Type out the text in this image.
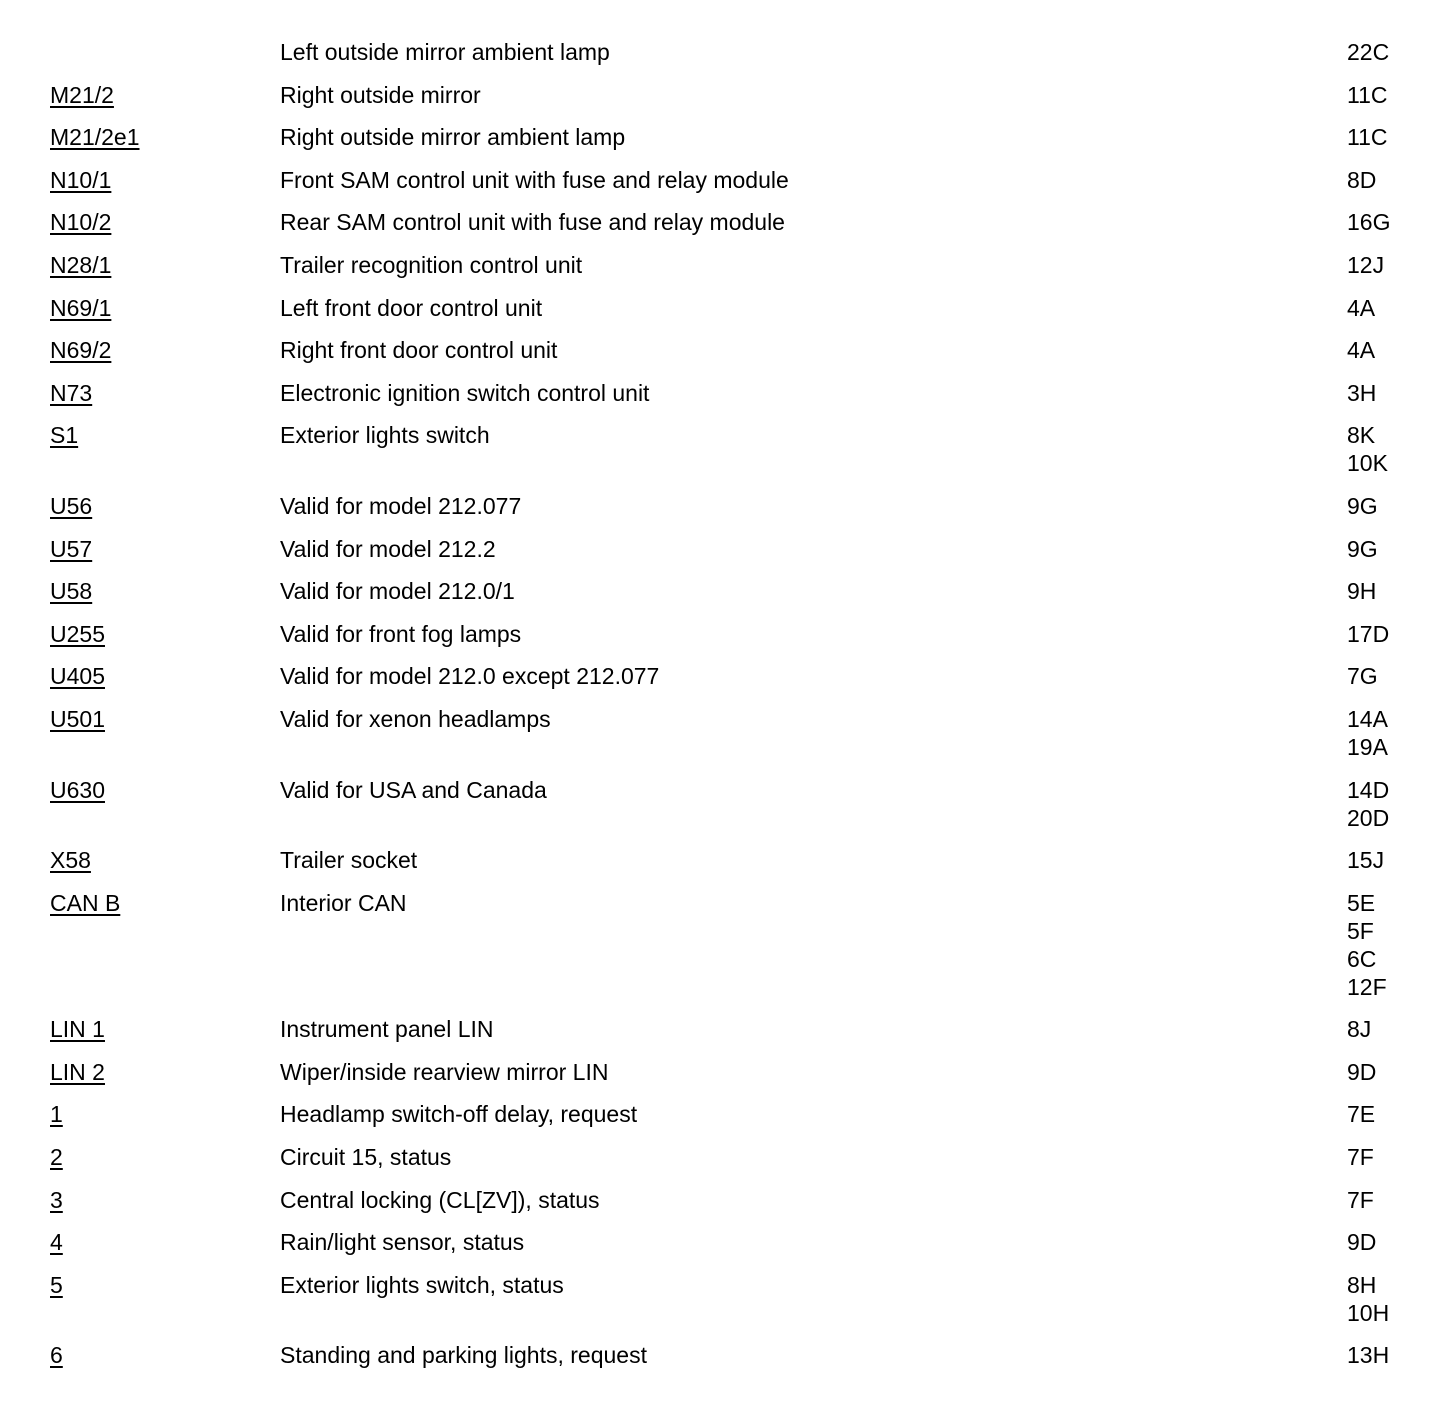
Left outside mirror ambient lamp	22C
M21/2	Right outside mirror	11C
M21/2e1	Right outside mirror ambient lamp	11C
N10/1	Front SAM control unit with fuse and relay module	8D
N10/2	Rear SAM control unit with fuse and relay module	16G
N28/1	Trailer recognition control unit	12J
N69/1	Left front door control unit	4A
N69/2	Right front door control unit	4A
N73	Electronic ignition switch control unit	3H
S1	Exterior lights switch	8K
10K
U56	Valid for model 212.077	9G
U57	Valid for model 212.2	9G
U58	Valid for model 212.0/1	9H
U255	Valid for front fog lamps	17D
U405	Valid for model 212.0 except 212.077	7G
U501	Valid for xenon headlamps	14A
19A
U630	Valid for USA and Canada	14D
20D
X58	Trailer socket	15J
CAN B	Interior CAN	5E
5F
6C
12F
LIN 1	Instrument panel LIN	8J
LIN 2	Wiper/inside rearview mirror LIN	9D
1	Headlamp switch-off delay, request	7E
2	Circuit 15, status	7F
3	Central locking (CL[ZV]), status	7F
4	Rain/light sensor, status	9D
5	Exterior lights switch, status	8H
10H
6	Standing and parking lights, request	13H
